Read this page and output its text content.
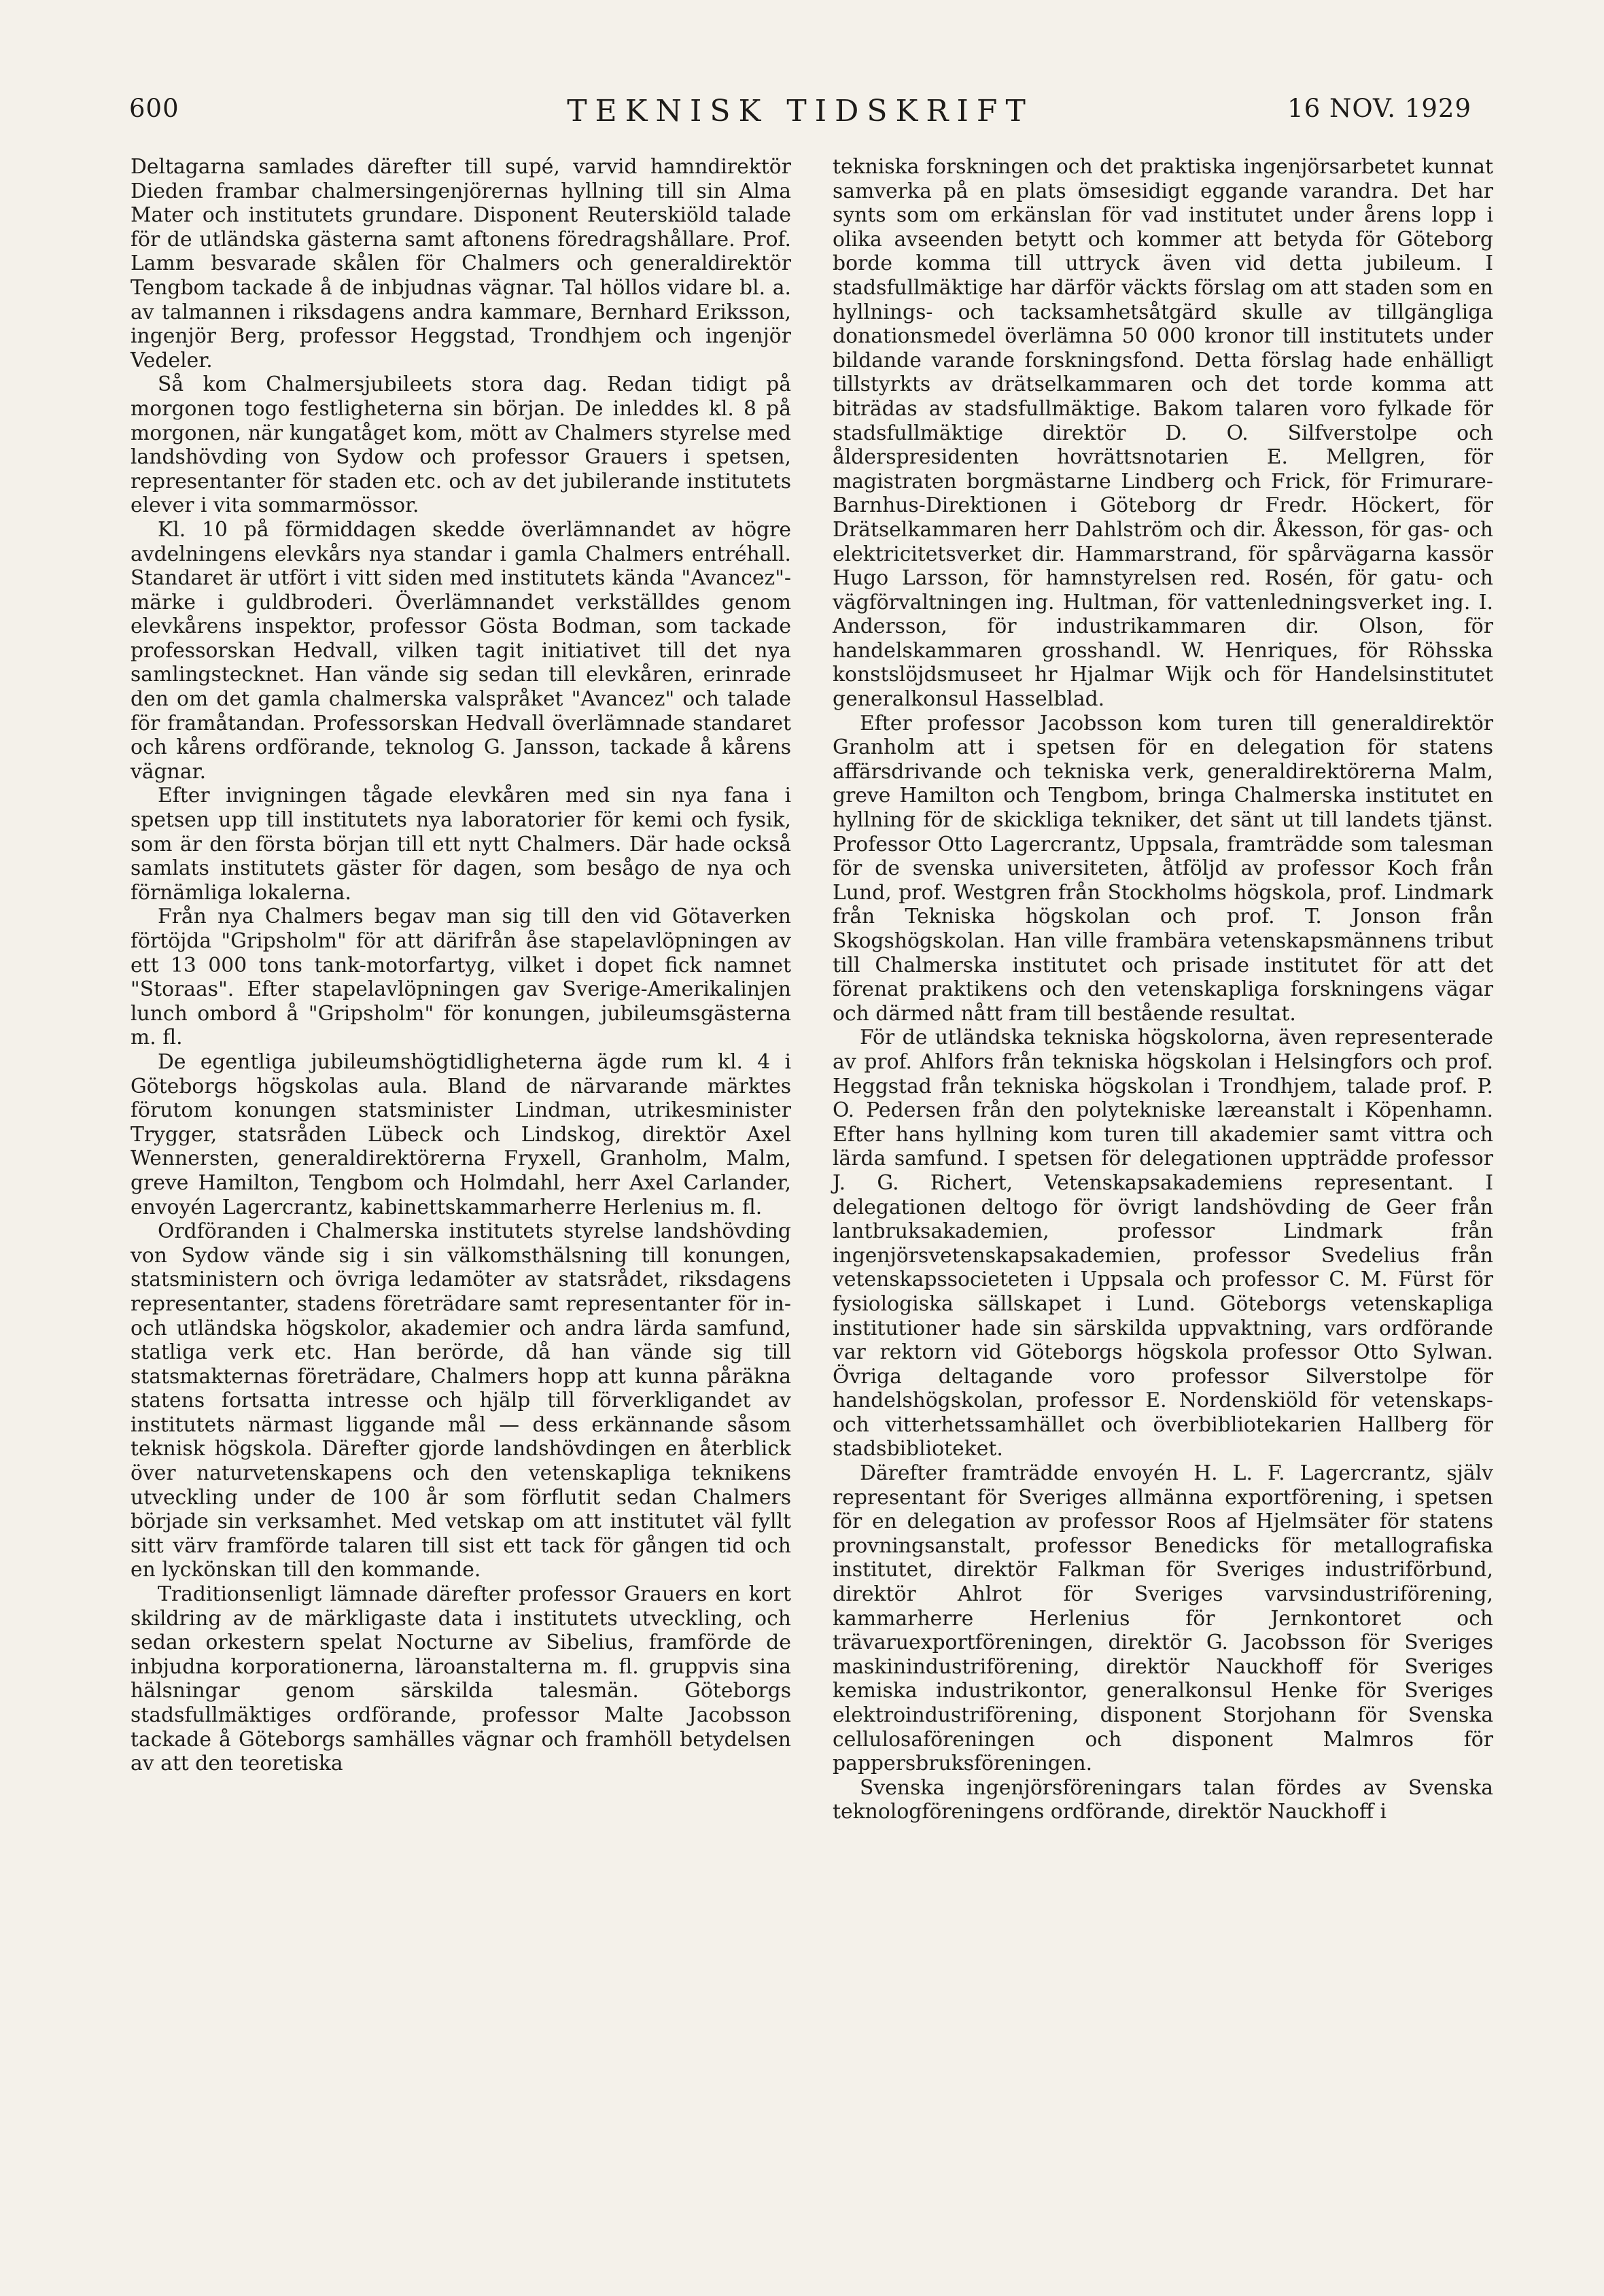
600	TEKNISK TIDSKRIFT	16 NOV. 1929

Deltagarna samlades därefter till supé, varvid hamndirektör Dieden frambar chalmersingenjörernas hyllning till sin Alma Mater och institutets grundare. Disponent Reuterskiöld talade för de utländska gästerna samt aftonens föredragshållare. Prof. Lamm besvarade skålen för Chalmers och generaldirektör Tengbom tackade å de inbjudnas vägnar. Tal höllos vidare bl. a. av talmannen i riksdagens andra kammare, Bernhard Eriksson, ingenjör Berg, professor Heggstad, Trondhjem och ingenjör Vedeler.

Så kom Chalmersjubileets stora dag. Redan tidigt på morgonen togo festligheterna sin början. De inleddes kl. 8 på morgonen, när kungatåget kom, mött av Chalmers styrelse med landshövding von Sydow och professor Grauers i spetsen, representanter för staden etc. och av det jubilerande institutets elever i vita sommarmössor.

Kl. 10 på förmiddagen skedde överlämnandet av högre avdelningens elevkårs nya standar i gamla Chalmers entréhall. Standaret är utfört i vitt siden med institutets kända "Avancez"-märke i guldbroderi. Överlämnandet verkställdes genom elevkårens inspektor, professor Gösta Bodman, som tackade professorskan Hedvall, vilken tagit initiativet till det nya samlingstecknet. Han vände sig sedan till elevkåren, erinrade den om det gamla chalmerska valspråket "Avancez" och talade för framåtandan. Professorskan Hedvall överlämnade standaret och kårens ordförande, teknolog G. Jansson, tackade å kårens vägnar.

Efter invigningen tågade elevkåren med sin nya fana i spetsen upp till institutets nya laboratorier för kemi och fysik, som är den första början till ett nytt Chalmers. Där hade också samlats institutets gäster för dagen, som besågo de nya och förnämliga lokalerna.

Från nya Chalmers begav man sig till den vid Götaverken förtöjda "Gripsholm" för att därifrån åse stapelavlöpningen av ett 13 000 tons tank-motorfartyg, vilket i dopet fick namnet "Storaas". Efter stapelavlöpningen gav Sverige-Amerikalinjen lunch ombord å "Gripsholm" för konungen, jubileumsgästerna m. fl.

De egentliga jubileumshögtidligheterna ägde rum kl. 4 i Göteborgs högskolas aula. Bland de närvarande märktes förutom konungen statsminister Lindman, utrikesminister Trygger, statsråden Lübeck och Lindskog, direktör Axel Wennersten, generaldirektörerna Fryxell, Granholm, Malm, greve Hamilton, Tengbom och Holmdahl, herr Axel Carlander, envoyén Lagercrantz, kabinettskammarherre Herlenius m. fl.

Ordföranden i Chalmerska institutets styrelse landshövding von Sydow vände sig i sin välkomsthälsning till konungen, statsministern och övriga ledamöter av statsrådet, riksdagens representanter, stadens företrädare samt representanter för in- och utländska högskolor, akademier och andra lärda samfund, statliga verk etc. Han berörde, då han vände sig till statsmakternas företrädare, Chalmers hopp att kunna påräkna statens fortsatta intresse och hjälp till förverkligandet av institutets närmast liggande mål — dess erkännande såsom teknisk högskola. Därefter gjorde landshövdingen en återblick över naturvetenskapens och den vetenskapliga teknikens utveckling under de 100 år som förflutit sedan Chalmers började sin verksamhet. Med vetskap om att institutet väl fyllt sitt värv framförde talaren till sist ett tack för gången tid och en lyckönskan till den kommande.

Traditionsenligt lämnade därefter professor Grauers en kort skildring av de märkligaste data i institutets utveckling, och sedan orkestern spelat Nocturne av Sibelius, framförde de inbjudna korporationerna, läroanstalterna m. fl. gruppvis sina hälsningar genom särskilda talesmän. Göteborgs stadsfullmäktiges ordförande, professor Malte Jacobsson tackade å Göteborgs samhälles vägnar och framhöll betydelsen av att den teoretiska

tekniska forskningen och det praktiska ingenjörsarbetet kunnat samverka på en plats ömsesidigt eggande varandra. Det har synts som om erkänslan för vad institutet under årens lopp i olika avseenden betytt och kommer att betyda för Göteborg borde komma till uttryck även vid detta jubileum. I stadsfullmäktige har därför väckts förslag om att staden som en hyllnings- och tacksamhetsåtgärd skulle av tillgängliga donationsmedel överlämna 50 000 kronor till institutets under bildande varande forskningsfond. Detta förslag hade enhälligt tillstyrkts av drätselkammaren och det torde komma att biträdas av stadsfullmäktige. Bakom talaren voro fylkade för stadsfullmäktige direktör D. O. Silfverstolpe och ålderspresidenten hovrättsnotarien E. Mellgren, för magistraten borgmästarne Lindberg och Frick, för Frimurare-Barnhus-Direktionen i Göteborg dr Fredr. Höckert, för Drätselkammaren herr Dahlström och dir. Åkesson, för gas- och elektricitetsverket dir. Hammarstrand, för spårvägarna kassör Hugo Larsson, för hamnstyrelsen red. Rosén, för gatu- och vägförvaltningen ing. Hultman, för vattenledningsverket ing. I. Andersson, för industrikammaren dir. Olson, för handelskammaren grosshandl. W. Henriques, för Röhsska konstslöjdsmuseet hr Hjalmar Wijk och för Handelsinstitutet generalkonsul Hasselblad.

Efter professor Jacobsson kom turen till generaldirektör Granholm att i spetsen för en delegation för statens affärsdrivande och tekniska verk, generaldirektörerna Malm, greve Hamilton och Tengbom, bringa Chalmerska institutet en hyllning för de skickliga tekniker, det sänt ut till landets tjänst. Professor Otto Lagercrantz, Uppsala, framträdde som talesman för de svenska universiteten, åtföljd av professor Koch från Lund, prof. Westgren från Stockholms högskola, prof. Lindmark från Tekniska högskolan och prof. T. Jonson från Skogshögskolan. Han ville frambära vetenskapsmännens tribut till Chalmerska institutet och prisade institutet för att det förenat praktikens och den vetenskapliga forskningens vägar och därmed nått fram till bestående resultat.

För de utländska tekniska högskolorna, även representerade av prof. Ahlfors från tekniska högskolan i Helsingfors och prof. Heggstad från tekniska högskolan i Trondhjem, talade prof. P. O. Pedersen från den polytekniske læreanstalt i Köpenhamn. Efter hans hyllning kom turen till akademier samt vittra och lärda samfund. I spetsen för delegationen uppträdde professor J. G. Richert, Vetenskapsakademiens representant. I delegationen deltogo för övrigt landshövding de Geer från lantbruksakademien, professor Lindmark från ingenjörsvetenskapsakademien, professor Svedelius från vetenskapssocieteten i Uppsala och professor C. M. Fürst för fysiologiska sällskapet i Lund. Göteborgs vetenskapliga institutioner hade sin särskilda uppvaktning, vars ordförande var rektorn vid Göteborgs högskola professor Otto Sylwan. Övriga deltagande voro professor Silverstolpe för handelshögskolan, professor E. Nordenskiöld för vetenskaps- och vitterhetssamhället och överbibliotekarien Hallberg för stadsbiblioteket.

Därefter framträdde envoyén H. L. F. Lagercrantz, själv representant för Sveriges allmänna exportförening, i spetsen för en delegation av professor Roos af Hjelmsäter för statens provningsanstalt, professor Benedicks för metallografiska institutet, direktör Falkman för Sveriges industriförbund, direktör Ahlrot för Sveriges varvsindustriförening, kammarherre Herlenius för Jernkontoret och trävaruexportföreningen, direktör G. Jacobsson för Sveriges maskinindustriförening, direktör Nauckhoff för Sveriges kemiska industrikontor, generalkonsul Henke för Sveriges elektroindustriförening, disponent Storjohann för Svenska cellulosaföreningen och disponent Malmros för pappersbruksföreningen.

Svenska ingenjörsföreningars talan fördes av Svenska teknologföreningens ordförande, direktör Nauckhoff i
